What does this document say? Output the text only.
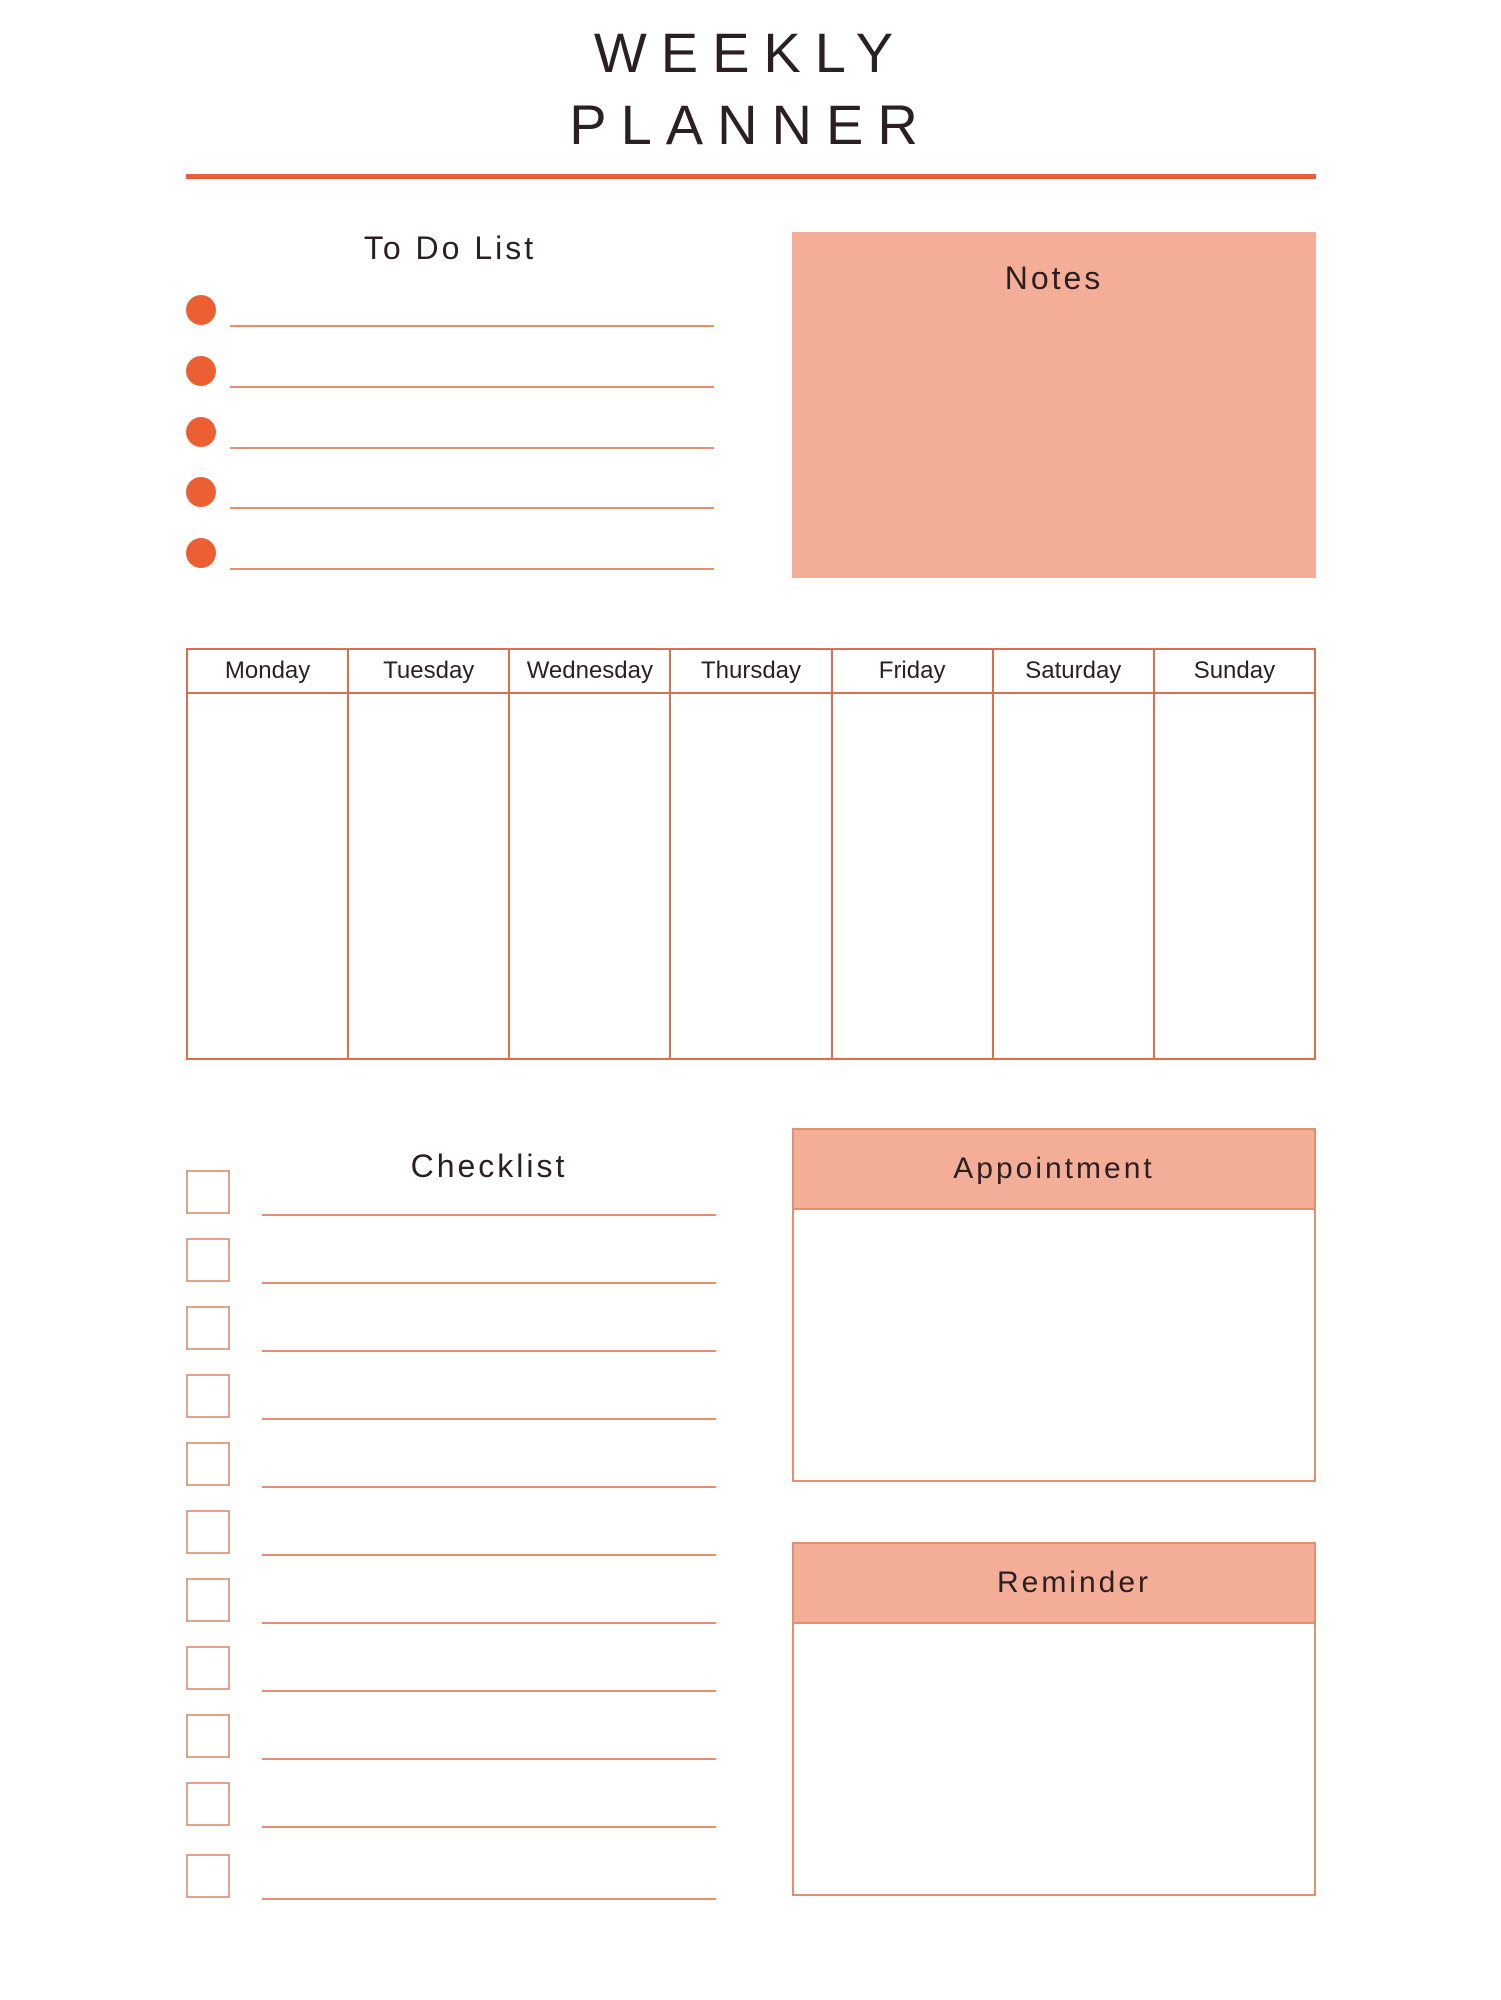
WEEKLY
PLANNER
To Do List
Notes
Monday	Tuesday	Wednesday	Thursday	Friday	Saturday	Sunday
Checklist	Appointment
Reminder
